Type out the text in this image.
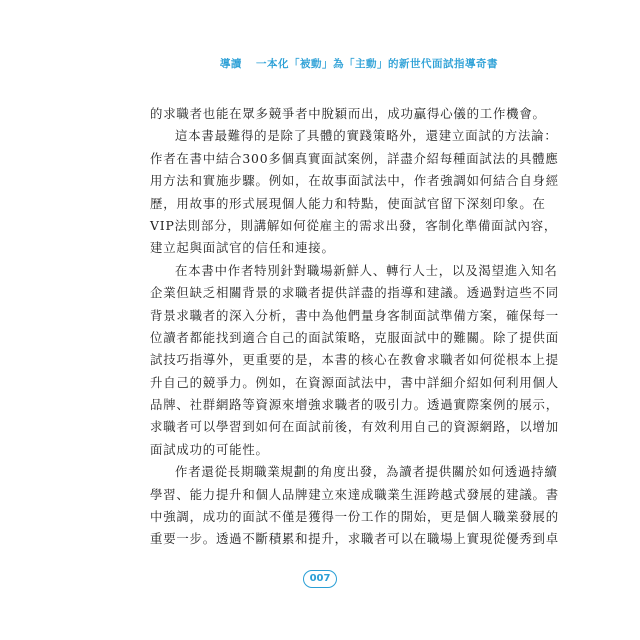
導讀 一本化「被動」為「主動」的新世代面試指導奇書
的求職者也能在眾多競爭者中脫穎而出，成功贏得心儀的工作機會。
這本書最難得的是除了具體的實踐策略外，還建立面試的方法論：
作者在書中結合300多個真實面試案例，詳盡介紹每種面試法的具體應
用方法和實施步驟。例如，在故事面試法中，作者強調如何結合自身經
歷，用故事的形式展現個人能力和特點，使面試官留下深刻印象。在
VIP法則部分，則講解如何從雇主的需求出發，客制化準備面試內容，
建立起與面試官的信任和連接。
在本書中作者特別針對職場新鮮人、轉行人士，以及渴望進入知名
企業但缺乏相關背景的求職者提供詳盡的指導和建議。透過對這些不同
背景求職者的深入分析，書中為他們量身客制面試準備方案，確保每一
位讀者都能找到適合自己的面試策略，克服面試中的難關。除了提供面
試技巧指導外，更重要的是，本書的核心在教會求職者如何從根本上提
升自己的競爭力。例如，在資源面試法中，書中詳細介紹如何利用個人
品牌、社群網路等資源來增強求職者的吸引力。透過實際案例的展示，
求職者可以學習到如何在面試前後，有效利用自己的資源網路，以增加
面試成功的可能性。
作者還從長期職業規劃的角度出發，為讀者提供關於如何透過持續
學習、能力提升和個人品牌建立來達成職業生涯跨越式發展的建議。書
中強調，成功的面試不僅是獲得一份工作的開始，更是個人職業發展的
重要一步。透過不斷積累和提升，求職者可以在職場上實現從優秀到卓
007
